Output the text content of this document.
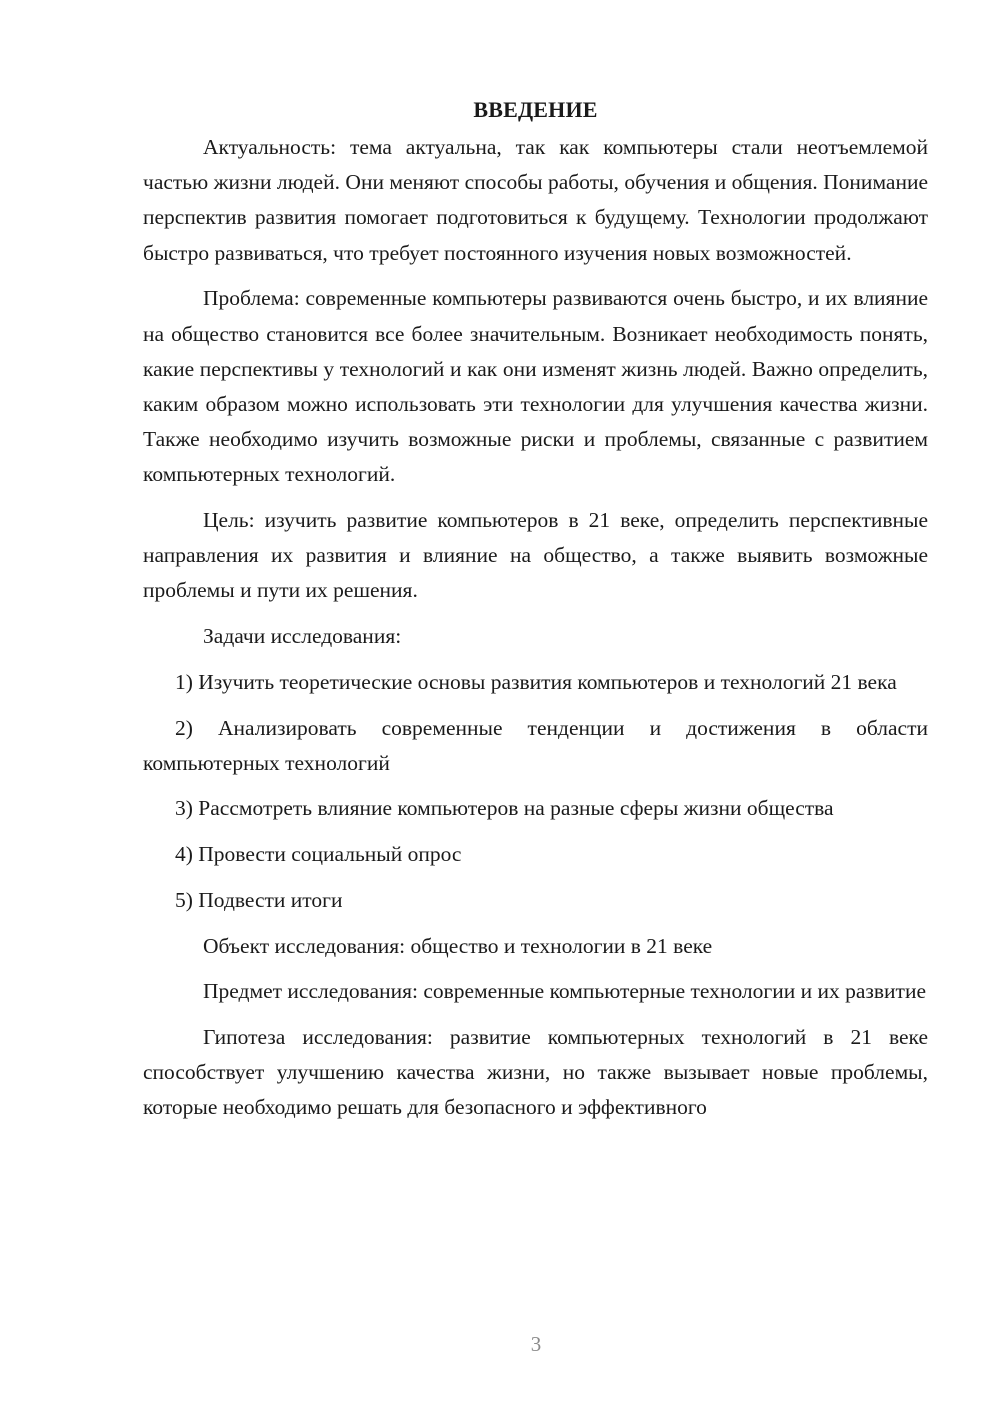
ВВЕДЕНИЕ

Актуальность: тема актуальна, так как компьютеры стали неотъемлемой частью жизни людей. Они меняют способы работы, обучения и общения. Понимание перспектив развития помогает подготовиться к будущему. Технологии продолжают быстро развиваться, что требует постоянного изучения новых возможностей.

Проблема: современные компьютеры развиваются очень быстро, и их влияние на общество становится все более значительным. Возникает необходимость понять, какие перспективы у технологий и как они изменят жизнь людей. Важно определить, каким образом можно использовать эти технологии для улучшения качества жизни. Также необходимо изучить возможные риски и проблемы, связанные с развитием компьютерных технологий.

Цель: изучить развитие компьютеров в 21 веке, определить перспективные направления их развития и влияние на общество, а также выявить возможные проблемы и пути их решения.

Задачи исследования:

1) Изучить теоретические основы развития компьютеров и технологий 21 века

2) Анализировать современные тенденции и достижения в области компьютерных технологий

3) Рассмотреть влияние компьютеров на разные сферы жизни общества

4) Провести социальный опрос

5) Подвести итоги

Объект исследования: общество и технологии в 21 веке

Предмет исследования: современные компьютерные технологии и их развитие

Гипотеза исследования: развитие компьютерных технологий в 21 веке способствует улучшению качества жизни, но также вызывает новые проблемы, которые необходимо решать для безопасного и эффективного

3
